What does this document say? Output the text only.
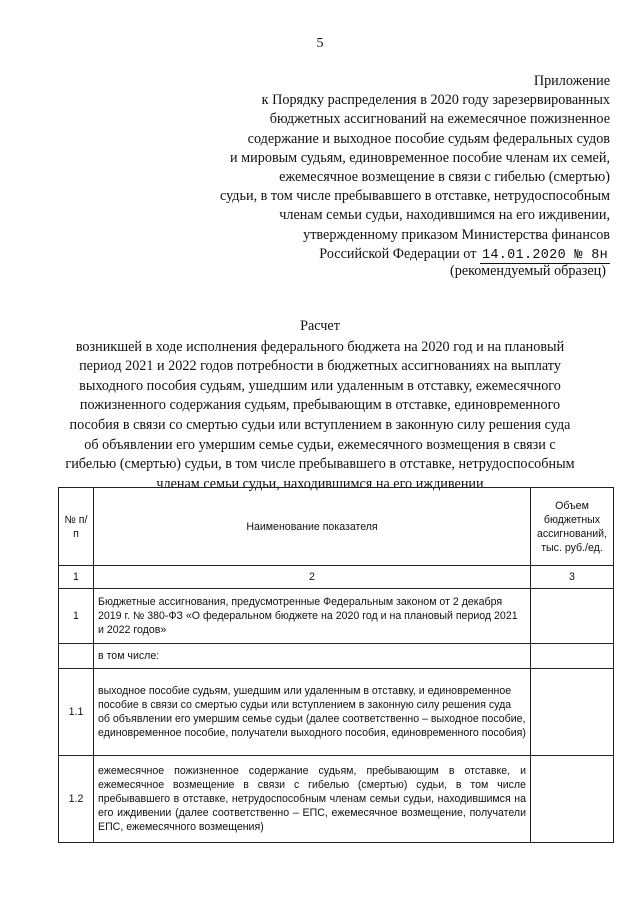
5
Приложение
к Порядку распределения в 2020 году зарезервированных
бюджетных ассигнований на ежемесячное пожизненное
содержание и выходное пособие судьям федеральных судов
и мировым судьям, единовременное пособие членам их семей,
ежемесячное возмещение в связи с гибелью (смертью)
судьи, в том числе пребывавшего в отставке, нетрудоспособным
членам семьи судьи, находившимся на его иждивении,
утвержденному приказом Министерства финансов
Российской Федерации от 14.01.2020 № 8н
(рекомендуемый образец)
Расчет
возникшей в ходе исполнения федерального бюджета на 2020 год и на плановый
период 2021 и 2022 годов потребности в бюджетных ассигнованиях на выплату
выходного пособия судьям, ушедшим или удаленным в отставку, ежемесячного
пожизненного содержания судьям, пребывающим в отставке, единовременного
пособия в связи со смертью судьи или вступлением в законную силу решения суда
об объявлении его умершим семье судьи, ежемесячного возмещения в связи с
гибелью (смертью) судьи, в том числе пребывавшего в отставке, нетрудоспособным
членам семьи судьи, находившимся на его иждивении
№ п/п	Наименование показателя	Объем бюджетных ассигнований, тыс. руб./ед.
1	2	3
1	Бюджетные ассигнования, предусмотренные Федеральным законом от 2 декабря 2019 г. № 380-ФЗ «О федеральном бюджете на 2020 год и на плановый период 2021 и 2022 годов»	
	в том числе:	
1.1	выходное пособие судьям, ушедшим или удаленным в отставку, и единовременное пособие в связи со смертью судьи или вступлением в законную силу решения суда об объявлении его умершим семье судьи (далее соответственно – выходное пособие, единовременное пособие, получатели выходного пособия, единовременного пособия)	
1.2	ежемесячное пожизненное содержание судьям, пребывающим в отставке, и ежемесячное возмещение в связи с гибелью (смертью) судьи, в том числе пребывавшего в отставке, нетрудоспособным членам семьи судьи, находившимся на его иждивении (далее соответственно – ЕПС, ежемесячное возмещение, получатели ЕПС, ежемесячного возмещения)	
